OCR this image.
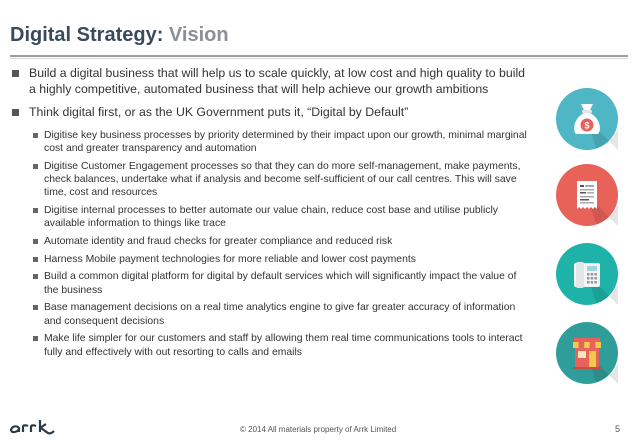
Digital Strategy: Vision
Build a digital business that will help us to scale quickly, at low cost and high quality to build a highly competitive, automated business that will help achieve our growth ambitions
Think digital first, or as the UK Government puts it, “Digital by Default”
Digitise key business processes by priority determined by their impact upon our growth, minimal marginal cost and greater transparency and automation
Digitise Customer Engagement processes so that they can do more self-management, make payments, check balances, undertake what if analysis and become self-sufficient of our call centres. This will save time, cost and resources
Digitise internal processes to better automate our value chain, reduce cost base and utilise publicly available information to things like trace
Automate identity and fraud checks for greater compliance and reduced risk
Harness Mobile payment technologies for more reliable and lower cost payments
Build a common digital platform for digital by default services which will significantly impact the value of the business
Base management decisions on a real time analytics engine to give far greater accuracy of information and consequent decisions
Make life simpler for our customers and staff by allowing them real time communications tools to interact fully and effectively with out resorting to calls and emails
$
© 2014 All materials property of Arrk Limited	5
